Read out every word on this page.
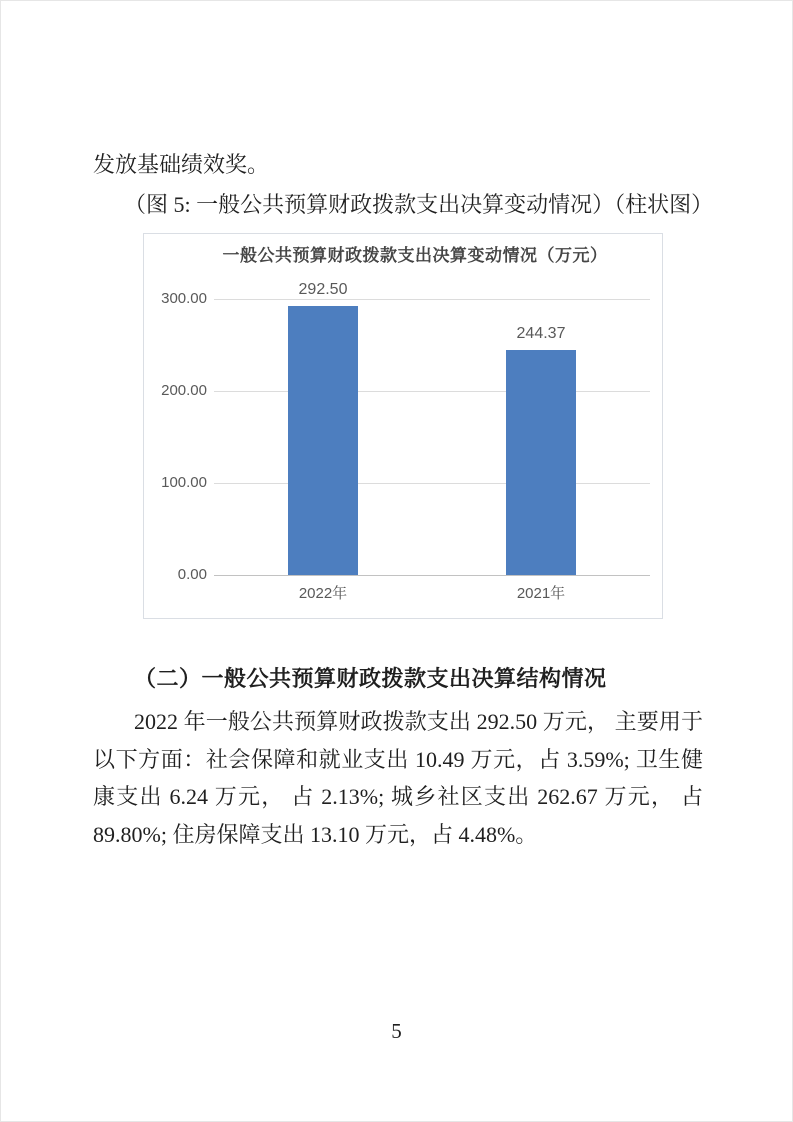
发放基础绩效奖。
（图 5: 一般公共预算财政拨款支出决算变动情况）（柱状图）
一般公共预算财政拨款支出决算变动情况（万元）
300.00
200.00
100.00
0.00
292.50
2022年
244.37
2021年
（二）一般公共预算财政拨款支出决算结构情况
2022 年一般公共预算财政拨款支出 292.50 万元， 主要用于
以下方面：社会保障和就业支出 10.49 万元，占 3.59%; 卫生健
康支出 6.24 万元， 占 2.13%; 城乡社区支出 262.67 万元， 占
89.80%; 住房保障支出 13.10 万元，占 4.48%。
5
